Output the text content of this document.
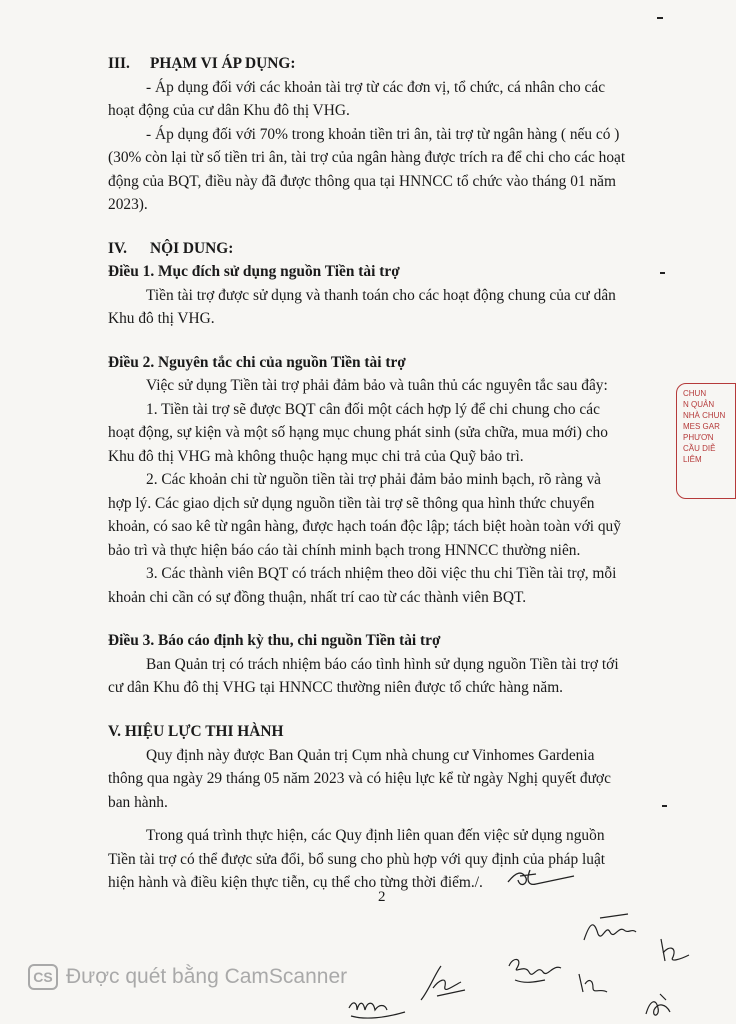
III. PHẠM VI ÁP DỤNG:
- Áp dụng đối với các khoản tài trợ từ các đơn vị, tổ chức, cá nhân cho các
hoạt động của cư dân Khu đô thị VHG.
- Áp dụng đối với 70% trong khoản tiền tri ân, tài trợ từ ngân hàng ( nếu có )
(30% còn lại từ số tiền tri ân, tài trợ của ngân hàng được trích ra để chi cho các hoạt
động của BQT, điều này đã được thông qua tại HNNCC tổ chức vào tháng 01 năm
2023).
IV. NỘI DUNG:
Điều 1. Mục đích sử dụng nguồn Tiền tài trợ
Tiền tài trợ được sử dụng và thanh toán cho các hoạt động chung của cư dân
Khu đô thị VHG.
Điều 2. Nguyên tắc chi của nguồn Tiền tài trợ
Việc sử dụng Tiền tài trợ phải đảm bảo và tuân thủ các nguyên tắc sau đây:
1. Tiền tài trợ sẽ được BQT cân đối một cách hợp lý để chi chung cho các
hoạt động, sự kiện và một số hạng mục chung phát sinh (sửa chữa, mua mới) cho
Khu đô thị VHG mà không thuộc hạng mục chi trả của Quỹ bảo trì.
2. Các khoản chi từ nguồn tiền tài trợ phải đảm bảo minh bạch, rõ ràng và
hợp lý. Các giao dịch sử dụng nguồn tiền tài trợ sẽ thông qua hình thức chuyển
khoản, có sao kê từ ngân hàng, được hạch toán độc lập; tách biệt hoàn toàn với quỹ
bảo trì và thực hiện báo cáo tài chính minh bạch trong HNNCC thường niên.
3. Các thành viên BQT có trách nhiệm theo dõi việc thu chi Tiền tài trợ, mỗi
khoản chi cần có sự đồng thuận, nhất trí cao từ các thành viên BQT.
Điều 3. Báo cáo định kỳ thu, chi nguồn Tiền tài trợ
Ban Quản trị có trách nhiệm báo cáo tình hình sử dụng nguồn Tiền tài trợ tới
cư dân Khu đô thị VHG tại HNNCC thường niên được tổ chức hàng năm.
V. HIỆU LỰC THI HÀNH
Quy định này được Ban Quản trị Cụm nhà chung cư Vinhomes Gardenia
thông qua ngày 29 tháng 05 năm 2023 và có hiệu lực kể từ ngày Nghị quyết được
ban hành.
Trong quá trình thực hiện, các Quy định liên quan đến việc sử dụng nguồn
Tiền tài trợ có thể được sửa đổi, bổ sung cho phù hợp với quy định của pháp luật
hiện hành và điều kiện thực tiễn, cụ thể cho từng thời điểm./.
2
CHUN
N QUẢN
NHÀ CHUN
MES GAR
PHƯƠN
CẦU DIỄ
LIÊM
CS Được quét bằng CamScanner
